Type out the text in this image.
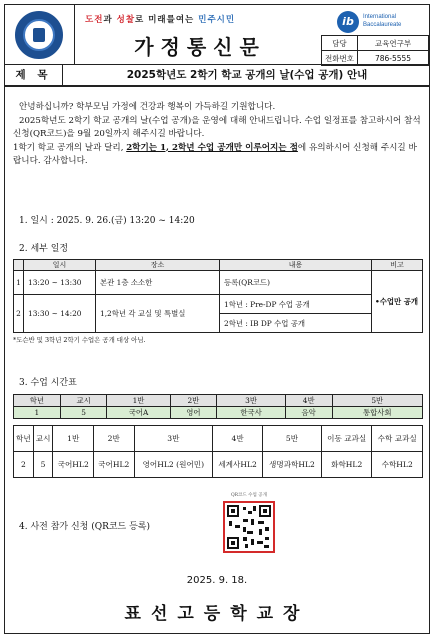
도전과 성찰로 미래를여는 민주시민
가정통신문
ib	International
Baccalaureate
담당	교육연구부
전화번호	786-5555
제 목	2025학년도 2학기 학교 공개의 날(수업 공개) 안내

안녕하십니까? 학부모님 가정에 건강과 행복이 가득하길 기원합니다.

2025학년도 2학기 학교 공개의 날(수업 공개)을 운영에 대해 안내드립니다. 수업 일정표를 참고하시어 참석 신청(QR코드)을 9월 20일까지 해주시길 바랍니다.

1학기 학교 공개의 날과 달리, 2학기는 1, 2학년 수업 공개만 이루어지는 점에 유의하시어 신청해 주시길 바랍니다. 감사합니다.

1. 일시 : 2025. 9. 26.(금) 13:20 ~ 14:20
2. 세부 일정
	일시	장소	내용	비고
1	13:20 ~ 13:30	본관 1층 소소한	등록(QR코드)	•수업만 공개
2	13:30 ~ 14:20	1,2학년 각 교실 및 특별실	1학년 : Pre-DP 수업 공개	
			2학년 : IB DP 수업 공개	
*도슨반 및 3학년 2학기 수업은 공개 대상 아님.
3. 수업 시간표
학년	교시	1반	2반	3반	4반	5반
1	5	국어A	영어	한국사	음악	통합사회
학년	교시	1반	2반	3반	4반	5반	이동 교과실	수학 교과실
2	5	국어HL2	국어HL2	영어HL2 (원어민)	세계사HL2	생명과학HL2	화학HL2	수학HL2
4. 사전 참가 신청 (QR코드 등록)
QR코드 수업 공개
2025. 9. 18.
표선고등학교장
